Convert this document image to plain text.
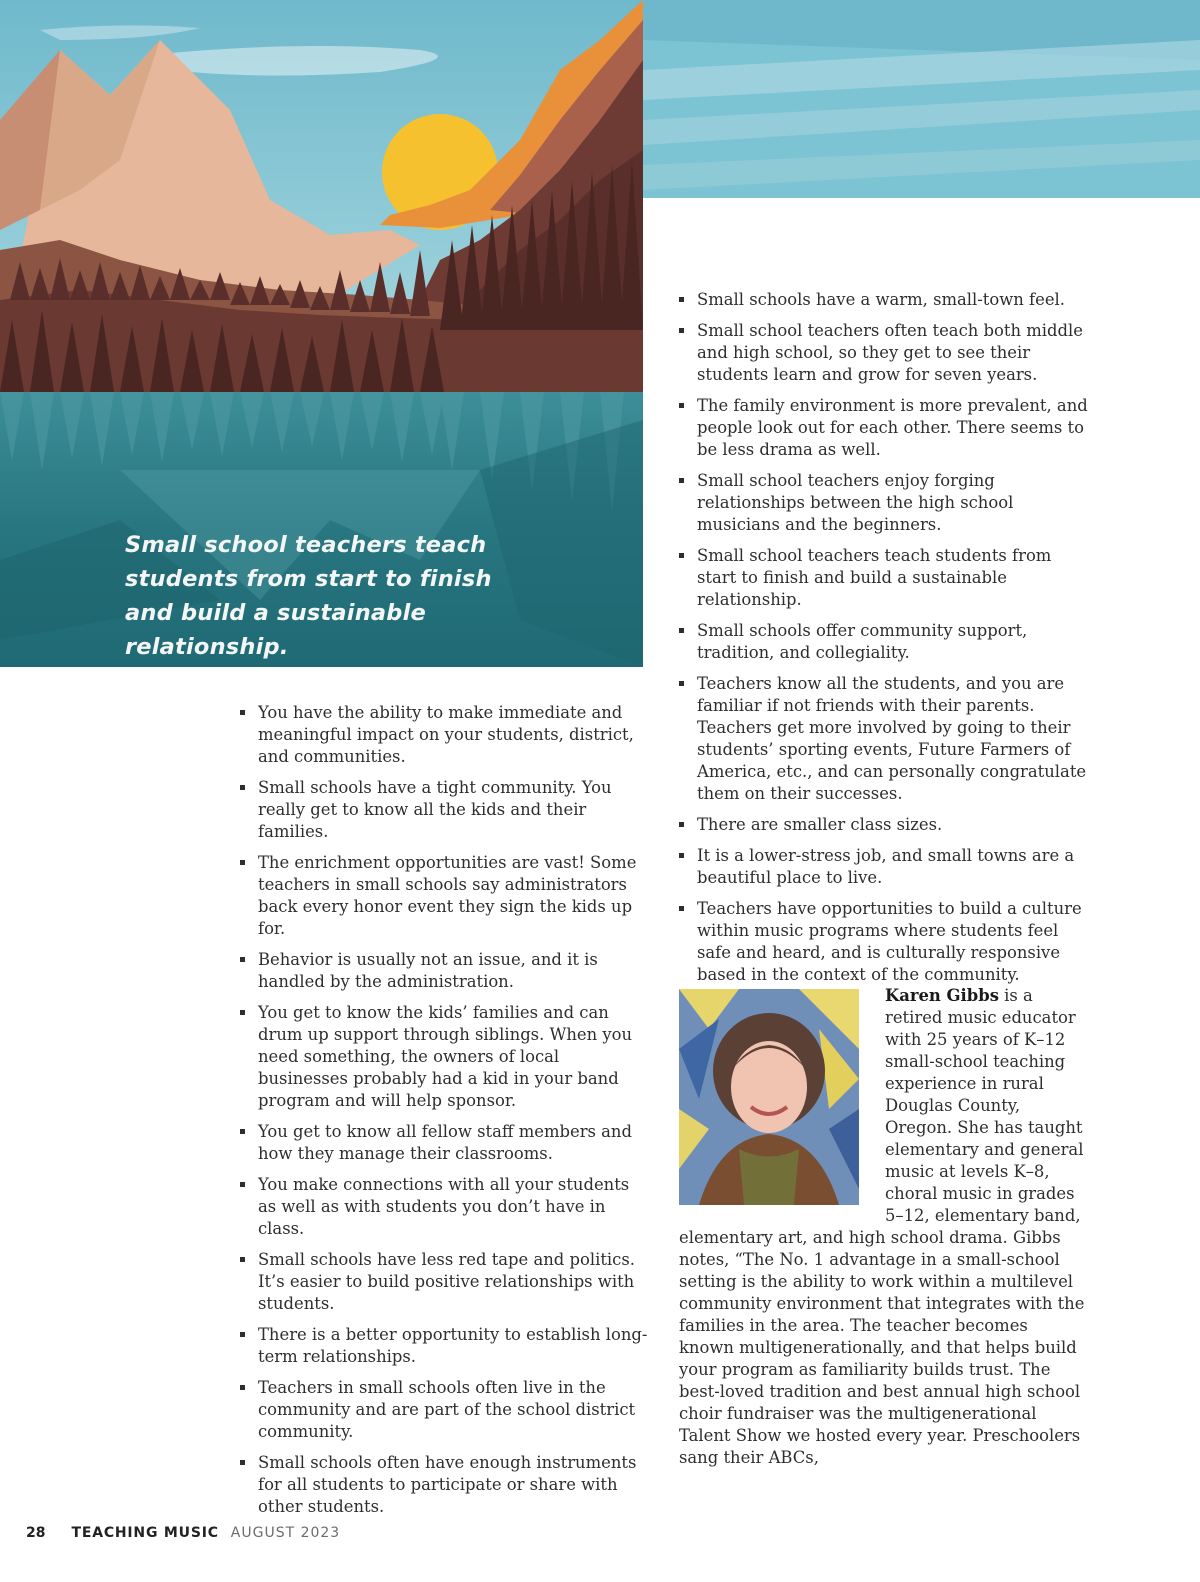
Small school teachers teach students from start to finish and build a sustainable relationship.

You have the ability to make immediate and meaningful impact on your students, district, and communities.
Small schools have a tight community. You really get to know all the kids and their families.
The enrichment opportunities are vast! Some teachers in small schools say administrators back every honor event they sign the kids up for.
Behavior is usually not an issue, and it is handled by the administration.
You get to know the kids’ families and can drum up support through siblings. When you need something, the owners of local businesses probably had a kid in your band program and will help sponsor.
You get to know all fellow staff members and how they manage their classrooms.
You make connections with all your students as well as with students you don’t have in class.
Small schools have less red tape and politics. It’s easier to build positive relationships with students.
There is a better opportunity to establish long-term relationships.
Teachers in small schools often live in the community and are part of the school district community.
Small schools often have enough instruments for all students to participate or share with other students.
Small schools have a warm, small-town feel.
Small school teachers often teach both middle and high school, so they get to see their students learn and grow for seven years.
The family environment is more prevalent, and people look out for each other. There seems to be less drama as well.
Small school teachers enjoy forging relationships between the high school musicians and the beginners.
Small school teachers teach students from start to finish and build a sustainable relationship.
Small schools offer community support, tradition, and collegiality.
Teachers know all the students, and you are familiar if not friends with their parents. Teachers get more involved by going to their students’ sporting events, Future Farmers of America, etc., and can personally congratulate them on their successes.
There are smaller class sizes.
It is a lower-stress job, and small towns are a beautiful place to live.
Teachers have opportunities to build a culture within music programs where students feel safe and heard, and is culturally responsive based in the context of the community.
Karen Gibbs is a retired music educator with 25 years of K–12 small-school teaching experience in rural Douglas County, Oregon. She has taught elementary and general music at levels K–8, choral music in grades 5–12, elementary band, elementary art, and high school drama. Gibbs notes, “The No. 1 advantage in a small-school setting is the ability to work within a multilevel community environment that integrates with the families in the area. The teacher becomes known multigenerationally, and that helps build your program as familiarity builds trust. The best-loved tradition and best annual high school choir fundraiser was the multigenerational Talent Show we hosted every year. Preschoolers sang their ABCs,
28 TEACHING MUSIC AUGUST 2023
